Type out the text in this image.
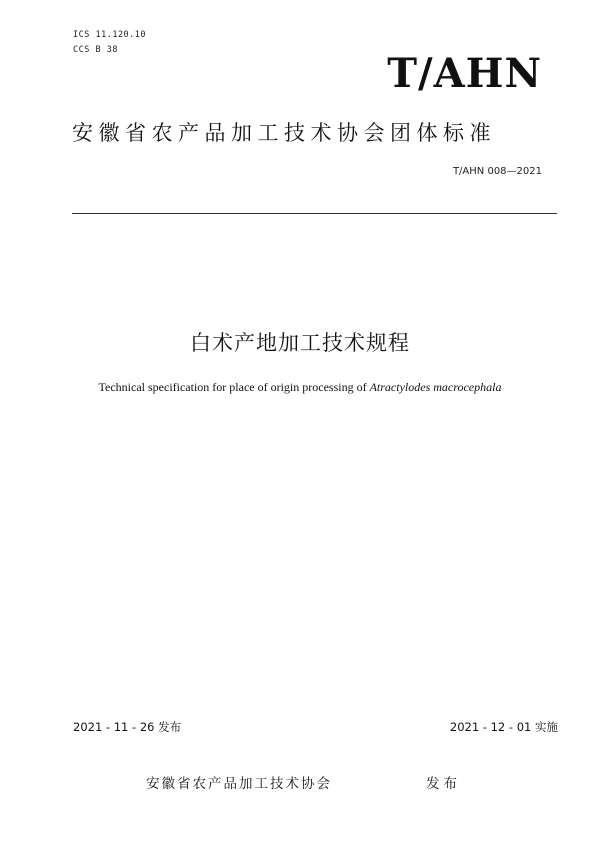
ICS 11.120.10
CCS B 38	T/AHN
安徽省农产品加工技术协会团体标准
T/AHN 008—2021
白术产地加工技术规程
Technical specification for place of origin processing of Atractylodes macrocephala
2021 - 11 - 26 发布	2021 - 12 - 01 实施
安徽省农产品加工技术协会	发布
